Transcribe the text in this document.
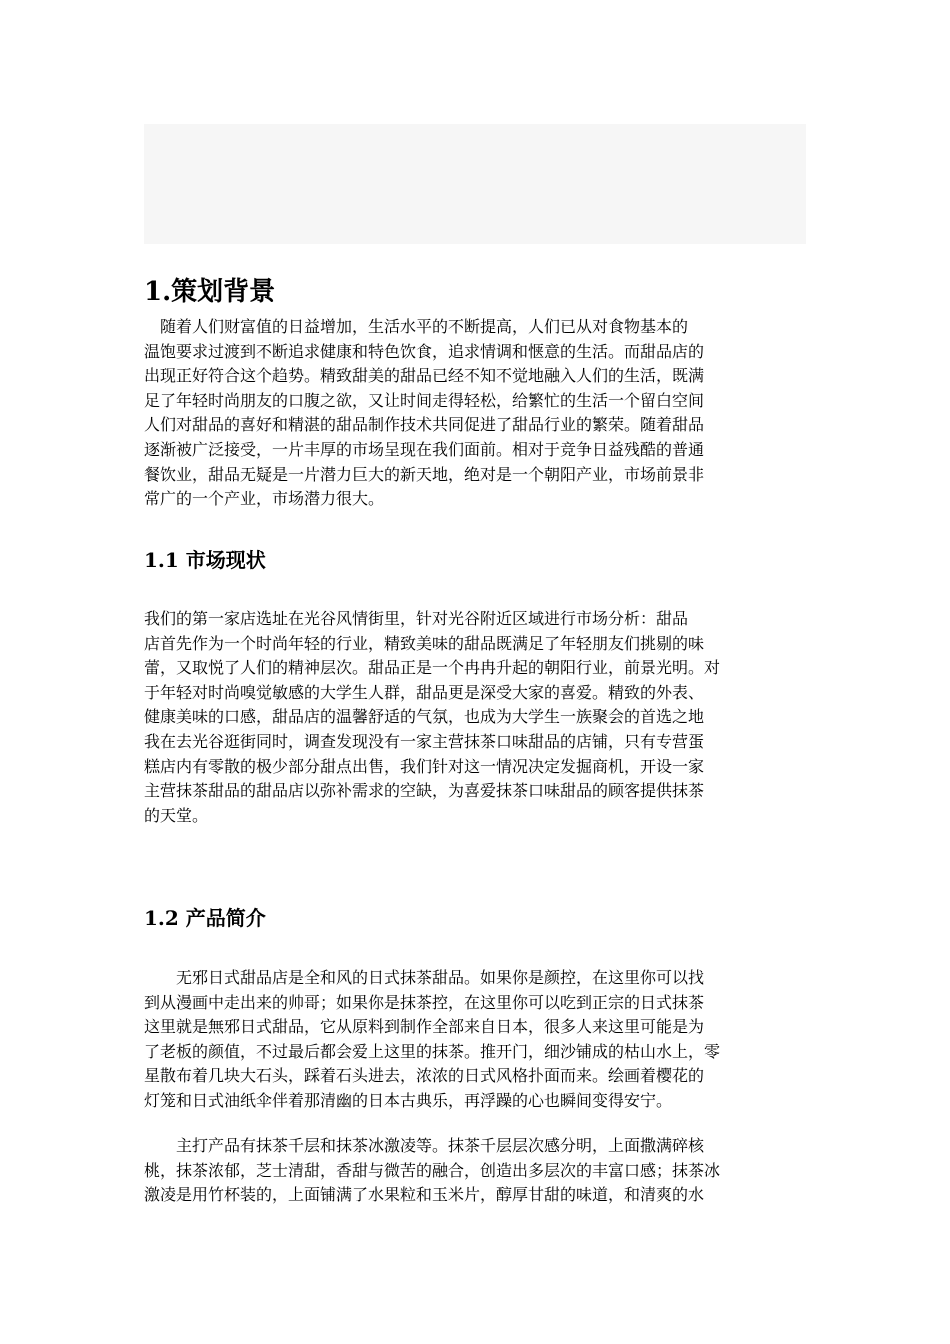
1.策划背景
　随着人们财富值的日益增加，生活水平的不断提高，人们已从对食物基本的
温饱要求过渡到不断追求健康和特色饮食，追求情调和惬意的生活。而甜品店的
出现正好符合这个趋势。精致甜美的甜品已经不知不觉地融入人们的生活，既满
足了年轻时尚朋友的口腹之欲，又让时间走得轻松，给繁忙的生活一个留白空间
人们对甜品的喜好和精湛的甜品制作技术共同促进了甜品行业的繁荣。随着甜品
逐渐被广泛接受，一片丰厚的市场呈现在我们面前。相对于竞争日益残酷的普通
餐饮业，甜品无疑是一片潜力巨大的新天地，绝对是一个朝阳产业，市场前景非
常广的一个产业，市场潜力很大。
1.1 市场现状
我们的第一家店选址在光谷风情街里，针对光谷附近区域进行市场分析：甜品
店首先作为一个时尚年轻的行业，精致美味的甜品既满足了年轻朋友们挑剔的味
蕾，又取悦了人们的精神层次。甜品正是一个冉冉升起的朝阳行业，前景光明。对
于年轻对时尚嗅觉敏感的大学生人群，甜品更是深受大家的喜爱。精致的外表、
健康美味的口感，甜品店的温馨舒适的气氛，也成为大学生一族聚会的首选之地
我在去光谷逛街同时，调查发现没有一家主营抹茶口味甜品的店铺，只有专营蛋
糕店内有零散的极少部分甜点出售，我们针对这一情况决定发掘商机，开设一家
主营抹茶甜品的甜品店以弥补需求的空缺，为喜爱抹茶口味甜品的顾客提供抹茶
的天堂。
1.2 产品简介
　　无邪日式甜品店是全和风的日式抹茶甜品。如果你是颜控，在这里你可以找
到从漫画中走出来的帅哥；如果你是抹茶控，在这里你可以吃到正宗的日式抹茶
这里就是無邪日式甜品，它从原料到制作全部来自日本，很多人来这里可能是为
了老板的颜值，不过最后都会爱上这里的抹茶。推开门，细沙铺成的枯山水上，零
星散布着几块大石头，踩着石头进去，浓浓的日式风格扑面而来。绘画着樱花的
灯笼和日式油纸伞伴着那清幽的日本古典乐，再浮躁的心也瞬间变得安宁。
　　主打产品有抹茶千层和抹茶冰激凌等。抹茶千层层次感分明，上面撒满碎核
桃，抹茶浓郁，芝士清甜，香甜与微苦的融合，创造出多层次的丰富口感；抹茶冰
激凌是用竹杯装的，上面铺满了水果粒和玉米片，醇厚甘甜的味道，和清爽的水
